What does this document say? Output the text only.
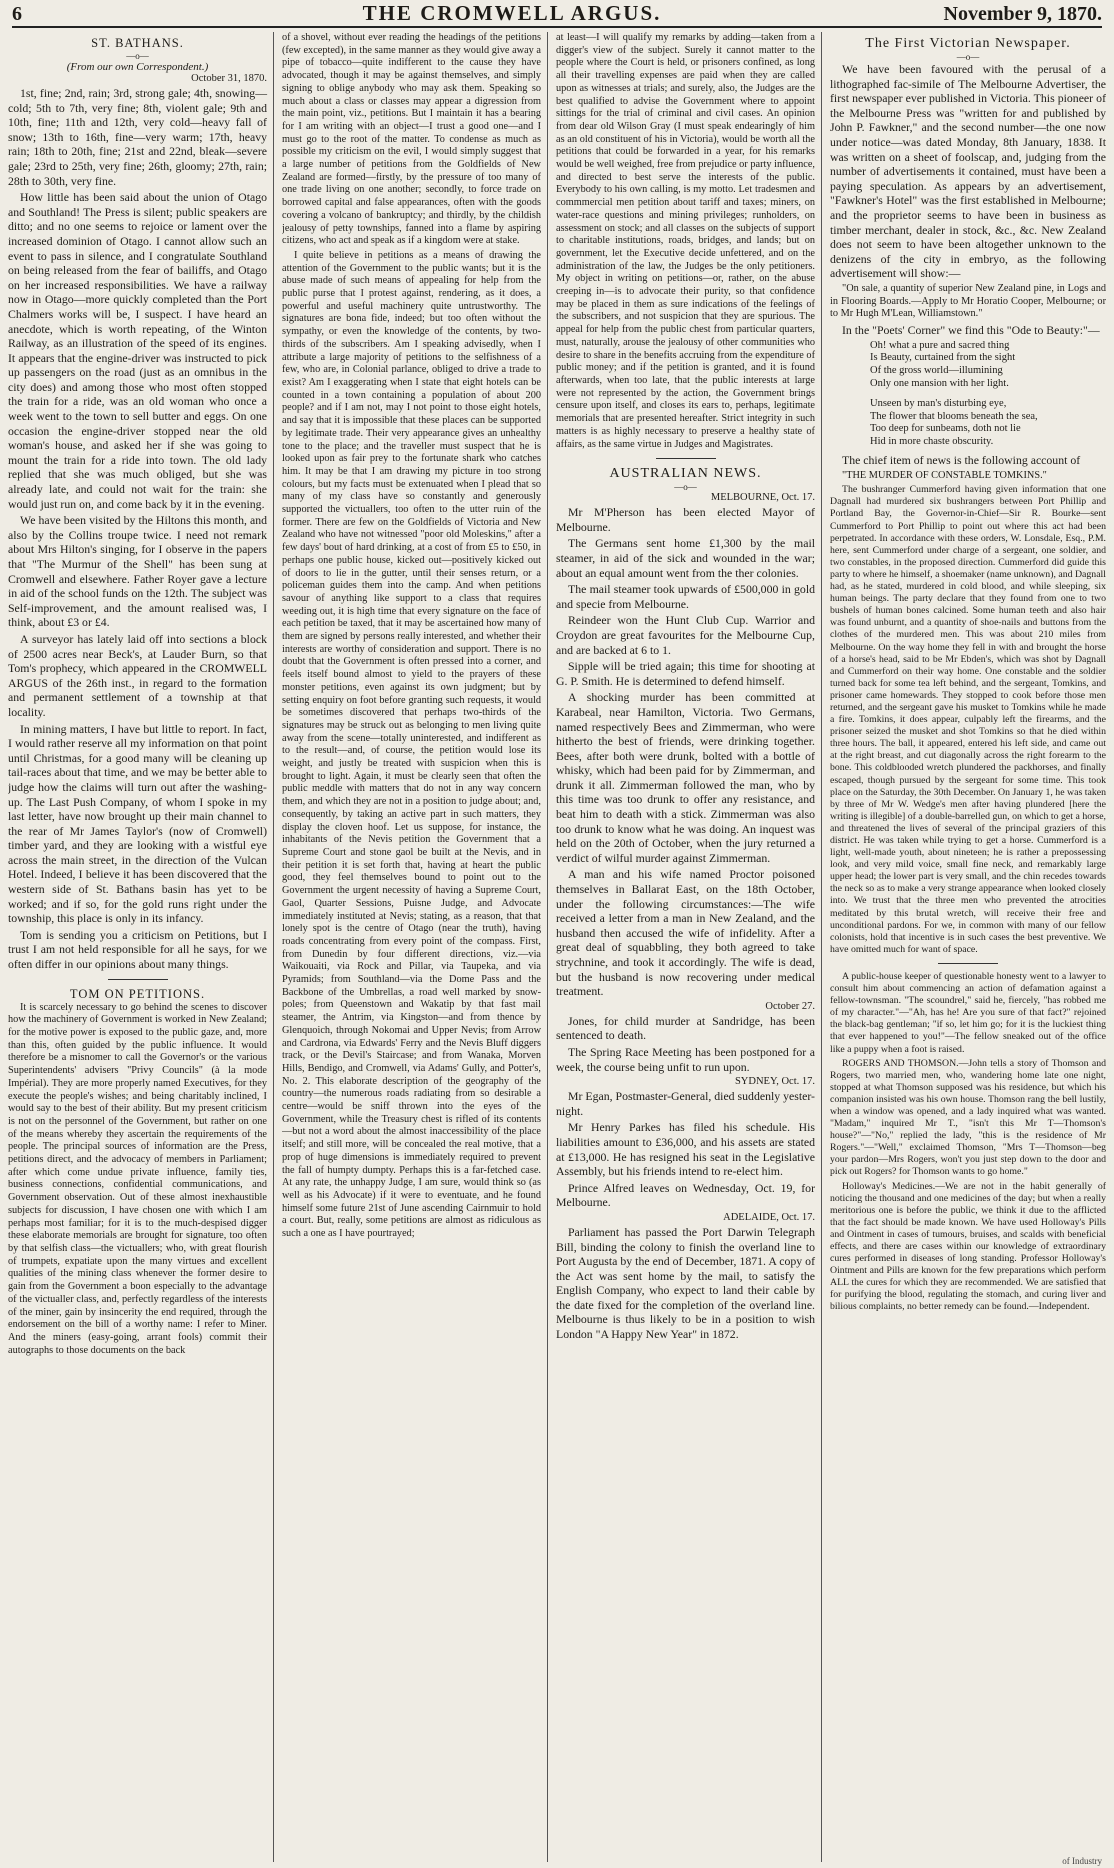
6	THE CROMWELL ARGUS.	November 9, 1870.
ST. BATHANS.
—o—
(From our own Correspondent.)
October 31, 1870.

1st, fine; 2nd, rain; 3rd, strong gale; 4th, snowing—cold; 5th to 7th, very fine; 8th, violent gale; 9th and 10th, fine; 11th and 12th, very cold—heavy fall of snow; 13th to 16th, fine—very warm; 17th, heavy rain; 18th to 20th, fine; 21st and 22nd, bleak—severe gale; 23rd to 25th, very fine; 26th, gloomy; 27th, rain; 28th to 30th, very fine.

How little has been said about the union of Otago and Southland! The Press is silent; public speakers are ditto; and no one seems to rejoice or lament over the increased dominion of Otago. I cannot allow such an event to pass in silence, and I congratulate Southland on being released from the fear of bailiffs, and Otago on her increased responsibilities. We have a railway now in Otago—more quickly completed than the Port Chalmers works will be, I suspect. I have heard an anecdote, which is worth repeating, of the Winton Railway, as an illustration of the speed of its engines. It appears that the engine-driver was instructed to pick up passengers on the road (just as an omnibus in the city does) and among those who most often stopped the train for a ride, was an old woman who once a week went to the town to sell butter and eggs. On one occasion the engine-driver stopped near the old woman's house, and asked her if she was going to mount the train for a ride into town. The old lady replied that she was much obliged, but she was already late, and could not wait for the train: she would just run on, and come back by it in the evening.

We have been visited by the Hiltons this month, and also by the Collins troupe twice. I need not remark about Mrs Hilton's singing, for I observe in the papers that "The Murmur of the Shell" has been sung at Cromwell and elsewhere. Father Royer gave a lecture in aid of the school funds on the 12th. The subject was Self-improvement, and the amount realised was, I think, about £3 or £4.

A surveyor has lately laid off into sections a block of 2500 acres near Beck's, at Lauder Burn, so that Tom's prophecy, which appeared in the CROMWELL ARGUS of the 26th inst., in regard to the formation and permanent settlement of a township at that locality.

In mining matters, I have but little to report. In fact, I would rather reserve all my information on that point until Christmas, for a good many will be cleaning up tail-races about that time, and we may be better able to judge how the claims will turn out after the washing-up. The Last Push Company, of whom I spoke in my last letter, have now brought up their main channel to the rear of Mr James Taylor's (now of Cromwell) timber yard, and they are looking with a wistful eye across the main street, in the direction of the Vulcan Hotel. Indeed, I believe it has been discovered that the western side of St. Bathans basin has yet to be worked; and if so, for the gold runs right under the township, this place is only in its infancy.

Tom is sending you a criticism on Petitions, but I trust I am not held responsible for all he says, for we often differ in our opinions about many things.

TOM ON PETITIONS.

It is scarcely necessary to go behind the scenes to discover how the machinery of Government is worked in New Zealand; for the motive power is exposed to the public gaze, and, more than this, often guided by the public influence. It would therefore be a misnomer to call the Governor's or the various Superintendents' advisers "Privy Councils" (à la mode Impérial). They are more properly named Executives, for they execute the people's wishes; and being charitably inclined, I would say to the best of their ability. But my present criticism is not on the personnel of the Government, but rather on one of the means whereby they ascertain the requirements of the people. The principal sources of information are the Press, petitions direct, and the advocacy of members in Parliament; after which come undue private influence, family ties, business connections, confidential communications, and Government observation. Out of these almost inexhaustible subjects for discussion, I have chosen one with which I am perhaps most familiar; for it is to the much-despised digger these elaborate memorials are brought for signature, too often by that selfish class—the victuallers; who, with great flourish of trumpets, expatiate upon the many virtues and excellent qualities of the mining class whenever the former desire to gain from the Government a boon especially to the advantage of the victualler class, and, perfectly regardless of the interests of the miner, gain by insincerity the end required, through the endorsement on the bill of a worthy name: I refer to Miner. And the miners (easy-going, arrant fools) commit their autographs to those documents on the back

of a shovel, without ever reading the headings of the petitions (few excepted), in the same manner as they would give away a pipe of tobacco—quite indifferent to the cause they have advocated, though it may be against themselves, and simply signing to oblige anybody who may ask them. Speaking so much about a class or classes may appear a digression from the main point, viz., petitions. But I maintain it has a bearing for I am writing with an object—I trust a good one—and I must go to the root of the matter. To condense as much as possible my criticism on the evil, I would simply suggest that a large number of petitions from the Goldfields of New Zealand are formed—firstly, by the pressure of too many of one trade living on one another; secondly, to force trade on borrowed capital and false appearances, often with the goods covering a volcano of bankruptcy; and thirdly, by the childish jealousy of petty townships, fanned into a flame by aspiring citizens, who act and speak as if a kingdom were at stake.

I quite believe in petitions as a means of drawing the attention of the Government to the public wants; but it is the abuse made of such means of appealing for help from the public purse that I protest against, rendering, as it does, a powerful and useful machinery quite untrustworthy. The signatures are bona fide, indeed; but too often without the sympathy, or even the knowledge of the contents, by two-thirds of the subscribers. Am I speaking advisedly, when I attribute a large majority of petitions to the selfishness of a few, who are, in Colonial parlance, obliged to drive a trade to exist? Am I exaggerating when I state that eight hotels can be counted in a town containing a population of about 200 people? and if I am not, may I not point to those eight hotels, and say that it is impossible that these places can be supported by legitimate trade. Their very appearance gives an unhealthy tone to the place; and the traveller must suspect that he is looked upon as fair prey to the fortunate shark who catches him. It may be that I am drawing my picture in too strong colours, but my facts must be extenuated when I plead that so many of my class have so constantly and generously supported the victuallers, too often to the utter ruin of the former. There are few on the Goldfields of Victoria and New Zealand who have not witnessed "poor old Moleskins," after a few days' bout of hard drinking, at a cost of from £5 to £50, in perhaps one public house, kicked out—positively kicked out of doors to lie in the gutter, until their senses return, or a policeman guides them into the camp. And when petitions savour of anything like support to a class that requires weeding out, it is high time that every signature on the face of each petition be taxed, that it may be ascertained how many of them are signed by persons really interested, and whether their interests are worthy of consideration and support. There is no doubt that the Government is often pressed into a corner, and feels itself bound almost to yield to the prayers of these monster petitions, even against its own judgment; but by setting enquiry on foot before granting such requests, it would be sometimes discovered that perhaps two-thirds of the signatures may be struck out as belonging to men living quite away from the scene—totally uninterested, and indifferent as to the result—and, of course, the petition would lose its weight, and justly be treated with suspicion when this is brought to light. Again, it must be clearly seen that often the public meddle with matters that do not in any way concern them, and which they are not in a position to judge about; and, consequently, by taking an active part in such matters, they display the cloven hoof. Let us suppose, for instance, the inhabitants of the Nevis petition the Government that a Supreme Court and stone gaol be built at the Nevis, and in their petition it is set forth that, having at heart the public good, they feel themselves bound to point out to the Government the urgent necessity of having a Supreme Court, Gaol, Quarter Sessions, Puisne Judge, and Advocate immediately instituted at Nevis; stating, as a reason, that that lonely spot is the centre of Otago (near the truth), having roads concentrating from every point of the compass. First, from Dunedin by four different directions, viz.—via Waikouaiti, via Rock and Pillar, via Taupeka, and via Pyramids; from Southland—via the Dome Pass and the Backbone of the Umbrellas, a road well marked by snow-poles; from Queenstown and Wakatip by that fast mail steamer, the Antrim, via Kingston—and from thence by Glenquoich, through Nokomai and Upper Nevis; from Arrow and Cardrona, via Edwards' Ferry and the Nevis Bluff diggers track, or the Devil's Staircase; and from Wanaka, Morven Hills, Bendigo, and Cromwell, via Adams' Gully, and Potter's, No. 2. This elaborate description of the geography of the country—the numerous roads radiating from so desirable a centre—would be sniff thrown into the eyes of the Government, while the Treasury chest is rifled of its contents—but not a word about the almost inaccessibility of the place itself; and still more, will be concealed the real motive, that a prop of huge dimensions is immediately required to prevent the fall of humpty dumpty. Perhaps this is a far-fetched case. At any rate, the unhappy Judge, I am sure, would think so (as well as his Advocate) if it were to eventuate, and he found himself some future 21st of June ascending Cairnmuir to hold a court. But, really, some petitions are almost as ridiculous as such a one as I have pourtrayed;

at least—I will qualify my remarks by adding—taken from a digger's view of the subject. Surely it cannot matter to the people where the Court is held, or prisoners confined, as long all their travelling expenses are paid when they are called upon as witnesses at trials; and surely, also, the Judges are the best qualified to advise the Government where to appoint sittings for the trial of criminal and civil cases. An opinion from dear old Wilson Gray (I must speak endearingly of him as an old constituent of his in Victoria), would be worth all the petitions that could be forwarded in a year, for his remarks would be well weighed, free from prejudice or party influence, and directed to best serve the interests of the public. Everybody to his own calling, is my motto. Let tradesmen and commmercial men petition about tariff and taxes; miners, on water-race questions and mining privileges; runholders, on assessment on stock; and all classes on the subjects of support to charitable institutions, roads, bridges, and lands; but on government, let the Executive decide unfettered, and on the administration of the law, the Judges be the only petitioners. My object in writing on petitions—or, rather, on the abuse creeping in—is to advocate their purity, so that confidence may be placed in them as sure indications of the feelings of the subscribers, and not suspicion that they are spurious. The appeal for help from the public chest from particular quarters, must, naturally, arouse the jealousy of other communities who desire to share in the benefits accruing from the expenditure of public money; and if the petition is granted, and it is found afterwards, when too late, that the public interests at large were not represented by the action, the Government brings censure upon itself, and closes its ears to, perhaps, legitimate memorials that are presented hereafter. Strict integrity in such matters is as highly necessary to preserve a healthy state of affairs, as the same virtue in Judges and Magistrates.

AUSTRALIAN NEWS.
—o—
MELBOURNE, Oct. 17.

Mr M'Pherson has been elected Mayor of Melbourne.

The Germans sent home £1,300 by the mail steamer, in aid of the sick and wounded in the war; about an equal amount went from the ther colonies.

The mail steamer took upwards of £500,000 in gold and specie from Melbourne.

Reindeer won the Hunt Club Cup. Warrior and Croydon are great favourites for the Melbourne Cup, and are backed at 6 to 1.

Sipple will be tried again; this time for shooting at G. P. Smith. He is determined to defend himself.

A shocking murder has been committed at Karabeal, near Hamilton, Victoria. Two Germans, named respectively Bees and Zimmerman, who were hitherto the best of friends, were drinking together. Bees, after both were drunk, bolted with a bottle of whisky, which had been paid for by Zimmerman, and drunk it all. Zimmerman followed the man, who by this time was too drunk to offer any resistance, and beat him to death with a stick. Zimmerman was also too drunk to know what he was doing. An inquest was held on the 20th of October, when the jury returned a verdict of wilful murder against Zimmerman.

A man and his wife named Proctor poisoned themselves in Ballarat East, on the 18th October, under the following circumstances:—The wife received a letter from a man in New Zealand, and the husband then accused the wife of infidelity. After a great deal of squabbling, they both agreed to take strychnine, and took it accordingly. The wife is dead, but the husband is now recovering under medical treatment.

October 27.

Jones, for child murder at Sandridge, has been sentenced to death.

The Spring Race Meeting has been postponed for a week, the course being unfit to run upon.

SYDNEY, Oct. 17.

Mr Egan, Postmaster-General, died suddenly yester-night.

Mr Henry Parkes has filed his schedule. His liabilities amount to £36,000, and his assets are stated at £13,000. He has resigned his seat in the Legislative Assembly, but his friends intend to re-elect him.

Prince Alfred leaves on Wednesday, Oct. 19, for Melbourne.

ADELAIDE, Oct. 17.

Parliament has passed the Port Darwin Telegraph Bill, binding the colony to finish the overland line to Port Augusta by the end of December, 1871. A copy of the Act was sent home by the mail, to satisfy the English Company, who expect to land their cable by the date fixed for the completion of the overland line. Melbourne is thus likely to be in a position to wish London "A Happy New Year" in 1872.

The First Victorian Newspaper.
—o—

We have been favoured with the perusal of a lithographed fac-simile of The Melbourne Advertiser, the first newspaper ever published in Victoria. This pioneer of the Melbourne Press was "written for and published by John P. Fawkner," and the second number—the one now under notice—was dated Monday, 8th January, 1838. It was written on a sheet of foolscap, and, judging from the number of advertisements it contained, must have been a paying speculation. As appears by an advertisement, "Fawkner's Hotel" was the first established in Melbourne; and the proprietor seems to have been in business as timber merchant, dealer in stock, &c., &c. New Zealand does not seem to have been altogether unknown to the denizens of the city in embryo, as the following advertisement will show:—

"On sale, a quantity of superior New Zealand pine, in Logs and in Flooring Boards.—Apply to Mr Horatio Cooper, Melbourne; or to Mr Hugh M'Lean, Williamstown."

In the "Poets' Corner" we find this "Ode to Beauty:"—

Oh! what a pure and sacred thing
Is Beauty, curtained from the sight
Of the gross world—illumining
Only one mansion with her light.
Unseen by man's disturbing eye,
The flower that blooms beneath the sea,
Too deep for sunbeams, doth not lie
Hid in more chaste obscurity.

The chief item of news is the following account of

"THE MURDER OF CONSTABLE TOMKINS."

The bushranger Cummerford having given information that one Dagnall had murdered six bushrangers between Port Phillip and Portland Bay, the Governor-in-Chief—Sir R. Bourke—sent Cummerford to Port Phillip to point out where this act had been perpetrated. In accordance with these orders, W. Lonsdale, Esq., P.M. here, sent Cummerford under charge of a sergeant, one soldier, and two constables, in the proposed direction. Cummerford did guide this party to where he himself, a shoemaker (name unknown), and Dagnall had, as he stated, murdered in cold blood, and while sleeping, six human beings. The party declare that they found from one to two bushels of human bones calcined. Some human teeth and also hair was found unburnt, and a quantity of shoe-nails and buttons from the clothes of the murdered men. This was about 210 miles from Melbourne. On the way home they fell in with and brought the horse of a horse's head, said to be Mr Ebden's, which was shot by Dagnall and Cummerford on their way home. One constable and the soldier turned back for some tea left behind, and the sergeant, Tomkins, and prisoner came homewards. They stopped to cook before those men returned, and the sergeant gave his musket to Tomkins while he made a fire. Tomkins, it does appear, culpably left the firearms, and the prisoner seized the musket and shot Tomkins so that he died within three hours. The ball, it appeared, entered his left side, and came out at the right breast, and cut diagonally across the right forearm to the bone. This coldblooded wretch plundered the packhorses, and finally escaped, though pursued by the sergeant for some time. This took place on the Saturday, the 30th December. On January 1, he was taken by three of Mr W. Wedge's men after having plundered [here the writing is illegible] of a double-barrelled gun, on which to get a horse, and threatened the lives of several of the principal graziers of this district. He was taken while trying to get a horse. Cummerford is a light, well-made youth, about nineteen; he is rather a prepossessing look, and very mild voice, small fine neck, and remarkably large upper head; the lower part is very small, and the chin recedes towards the neck so as to make a very strange appearance when looked closely into. We trust that the three men who prevented the atrocities meditated by this brutal wretch, will receive their free and unconditional pardons. For we, in common with many of our fellow colonists, hold that incentive is in such cases the best preventive. We have omitted much for want of space.

A public-house keeper of questionable honesty went to a lawyer to consult him about commencing an action of defamation against a fellow-townsman. "The scoundrel," said he, fiercely, "has robbed me of my character."—"Ah, has he! Are you sure of that fact?" rejoined the black-bag gentleman; "if so, let him go; for it is the luckiest thing that ever happened to you!"—The fellow sneaked out of the office like a puppy when a foot is raised.

ROGERS AND THOMSON.—John tells a story of Thomson and Rogers, two married men, who, wandering home late one night, stopped at what Thomson supposed was his residence, but which his companion insisted was his own house. Thomson rang the bell lustily, when a window was opened, and a lady inquired what was wanted. "Madam," inquired Mr T., "isn't this Mr T—Thomson's house?"—"No," replied the lady, "this is the residence of Mr Rogers."—"Well," exclaimed Thomson, "Mrs T—Thomson—beg your pardon—Mrs Rogers, won't you just step down to the door and pick out Rogers? for Thomson wants to go home."

Holloway's Medicines.—We are not in the habit generally of noticing the thousand and one medicines of the day; but when a really meritorious one is before the public, we think it due to the afflicted that the fact should be made known. We have used Holloway's Pills and Ointment in cases of tumours, bruises, and scalds with beneficial effects, and there are cases within our knowledge of extraordinary cures performed in diseases of long standing. Professor Holloway's Ointment and Pills are known for the few preparations which perform ALL the cures for which they are recommended. We are satisfied that for purifying the blood, regulating the stomach, and curing liver and bilious complaints, no better remedy can be found.—Independent.

of Industry
